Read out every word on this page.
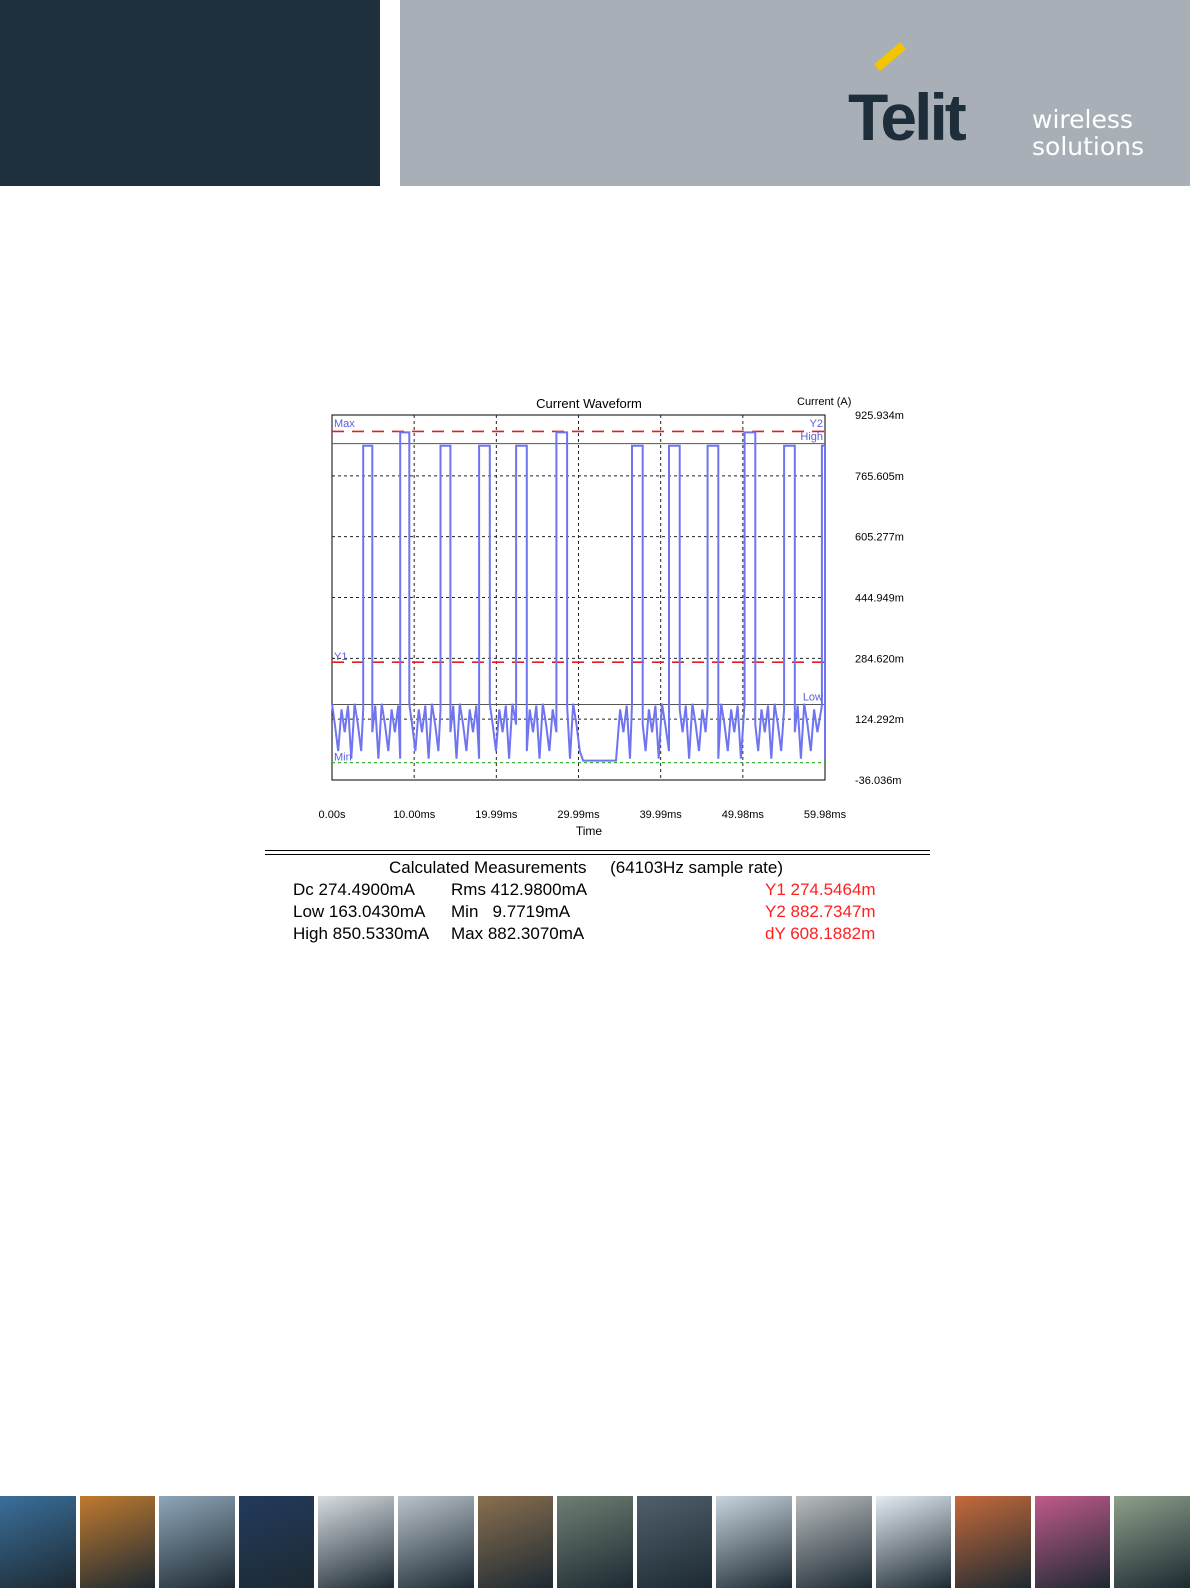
Telit	wireless
solutions
Current Waveform	Current (A)
Time
0.00s	10.00ms	19.99ms	29.99ms	39.99ms	49.98ms	59.98ms
925.934m
765.605m
605.277m
444.949m
284.620m
124.292m
-36.036m
Max	Y2
High
Y1
Low
Min
Calculated Measurements (64103Hz sample rate)
Dc 274.4900mA Rms 412.9800mA	Y1 274.5464m
Low 163.0430mA Min   9.7719mA	Y2 882.7347m
High 850.5330mA Max 882.3070mA	dY 608.1882m
